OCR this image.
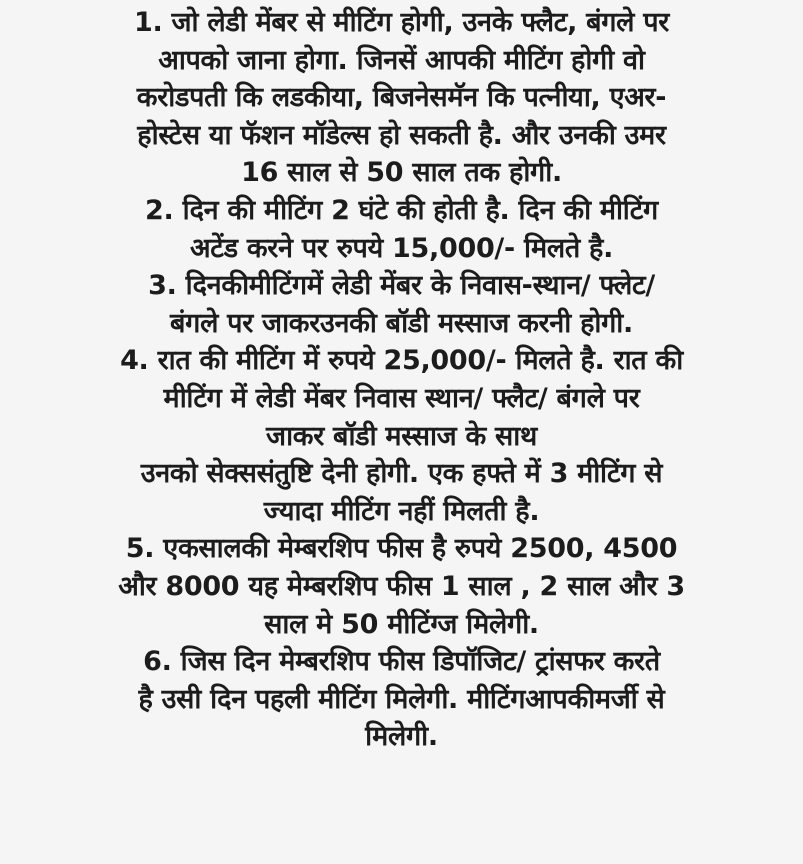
1. जो लेडी मेंबर से मीटिंग होगी, उनके फ्लैट, बंगले पर
आपको जाना होगा. जिनसें आपकी मीटिंग होगी वो
करोडपती कि लडकीया, बिजनेसमॅन कि पत्नीया, एअर-
होस्टेस या फॅशन मॉडेल्स हो सकती है. और उनकी उमर
16 साल से 50 साल तक होगी.
2. दिन की मीटिंग 2 घंटे की होती है. दिन की मीटिंग
अटेंड करने पर रुपये 15,000/- मिलते है.
3. दिनकीमीटिंगमें लेडी मेंबर के निवास-स्थान/ फ्लेट/
बंगले पर जाकरउनकी बॉडी मस्साज करनी होगी.
4. रात की मीटिंग में रुपये 25,000/- मिलते है. रात की
मीटिंग में लेडी मेंबर निवास स्थान/ फ्लैट/ बंगले पर
जाकर बॉडी मस्साज के साथ
उनको सेक्ससंतुष्टि देनी होगी. एक हफ्ते में 3 मीटिंग से
ज्यादा मीटिंग नहीं मिलती है.
5. एकसालकी मेम्बरशिप फीस है रुपये 2500, 4500
और 8000 यह मेम्बरशिप फीस 1 साल , 2 साल और 3
साल मे 50 मीटिंग्ज मिलेगी.
6. जिस दिन मेम्बरशिप फीस डिपॉजिट/ ट्रांसफर करते
है उसी दिन पहली मीटिंग मिलेगी. मीटिंगआपकीमर्जी से
मिलेगी.
